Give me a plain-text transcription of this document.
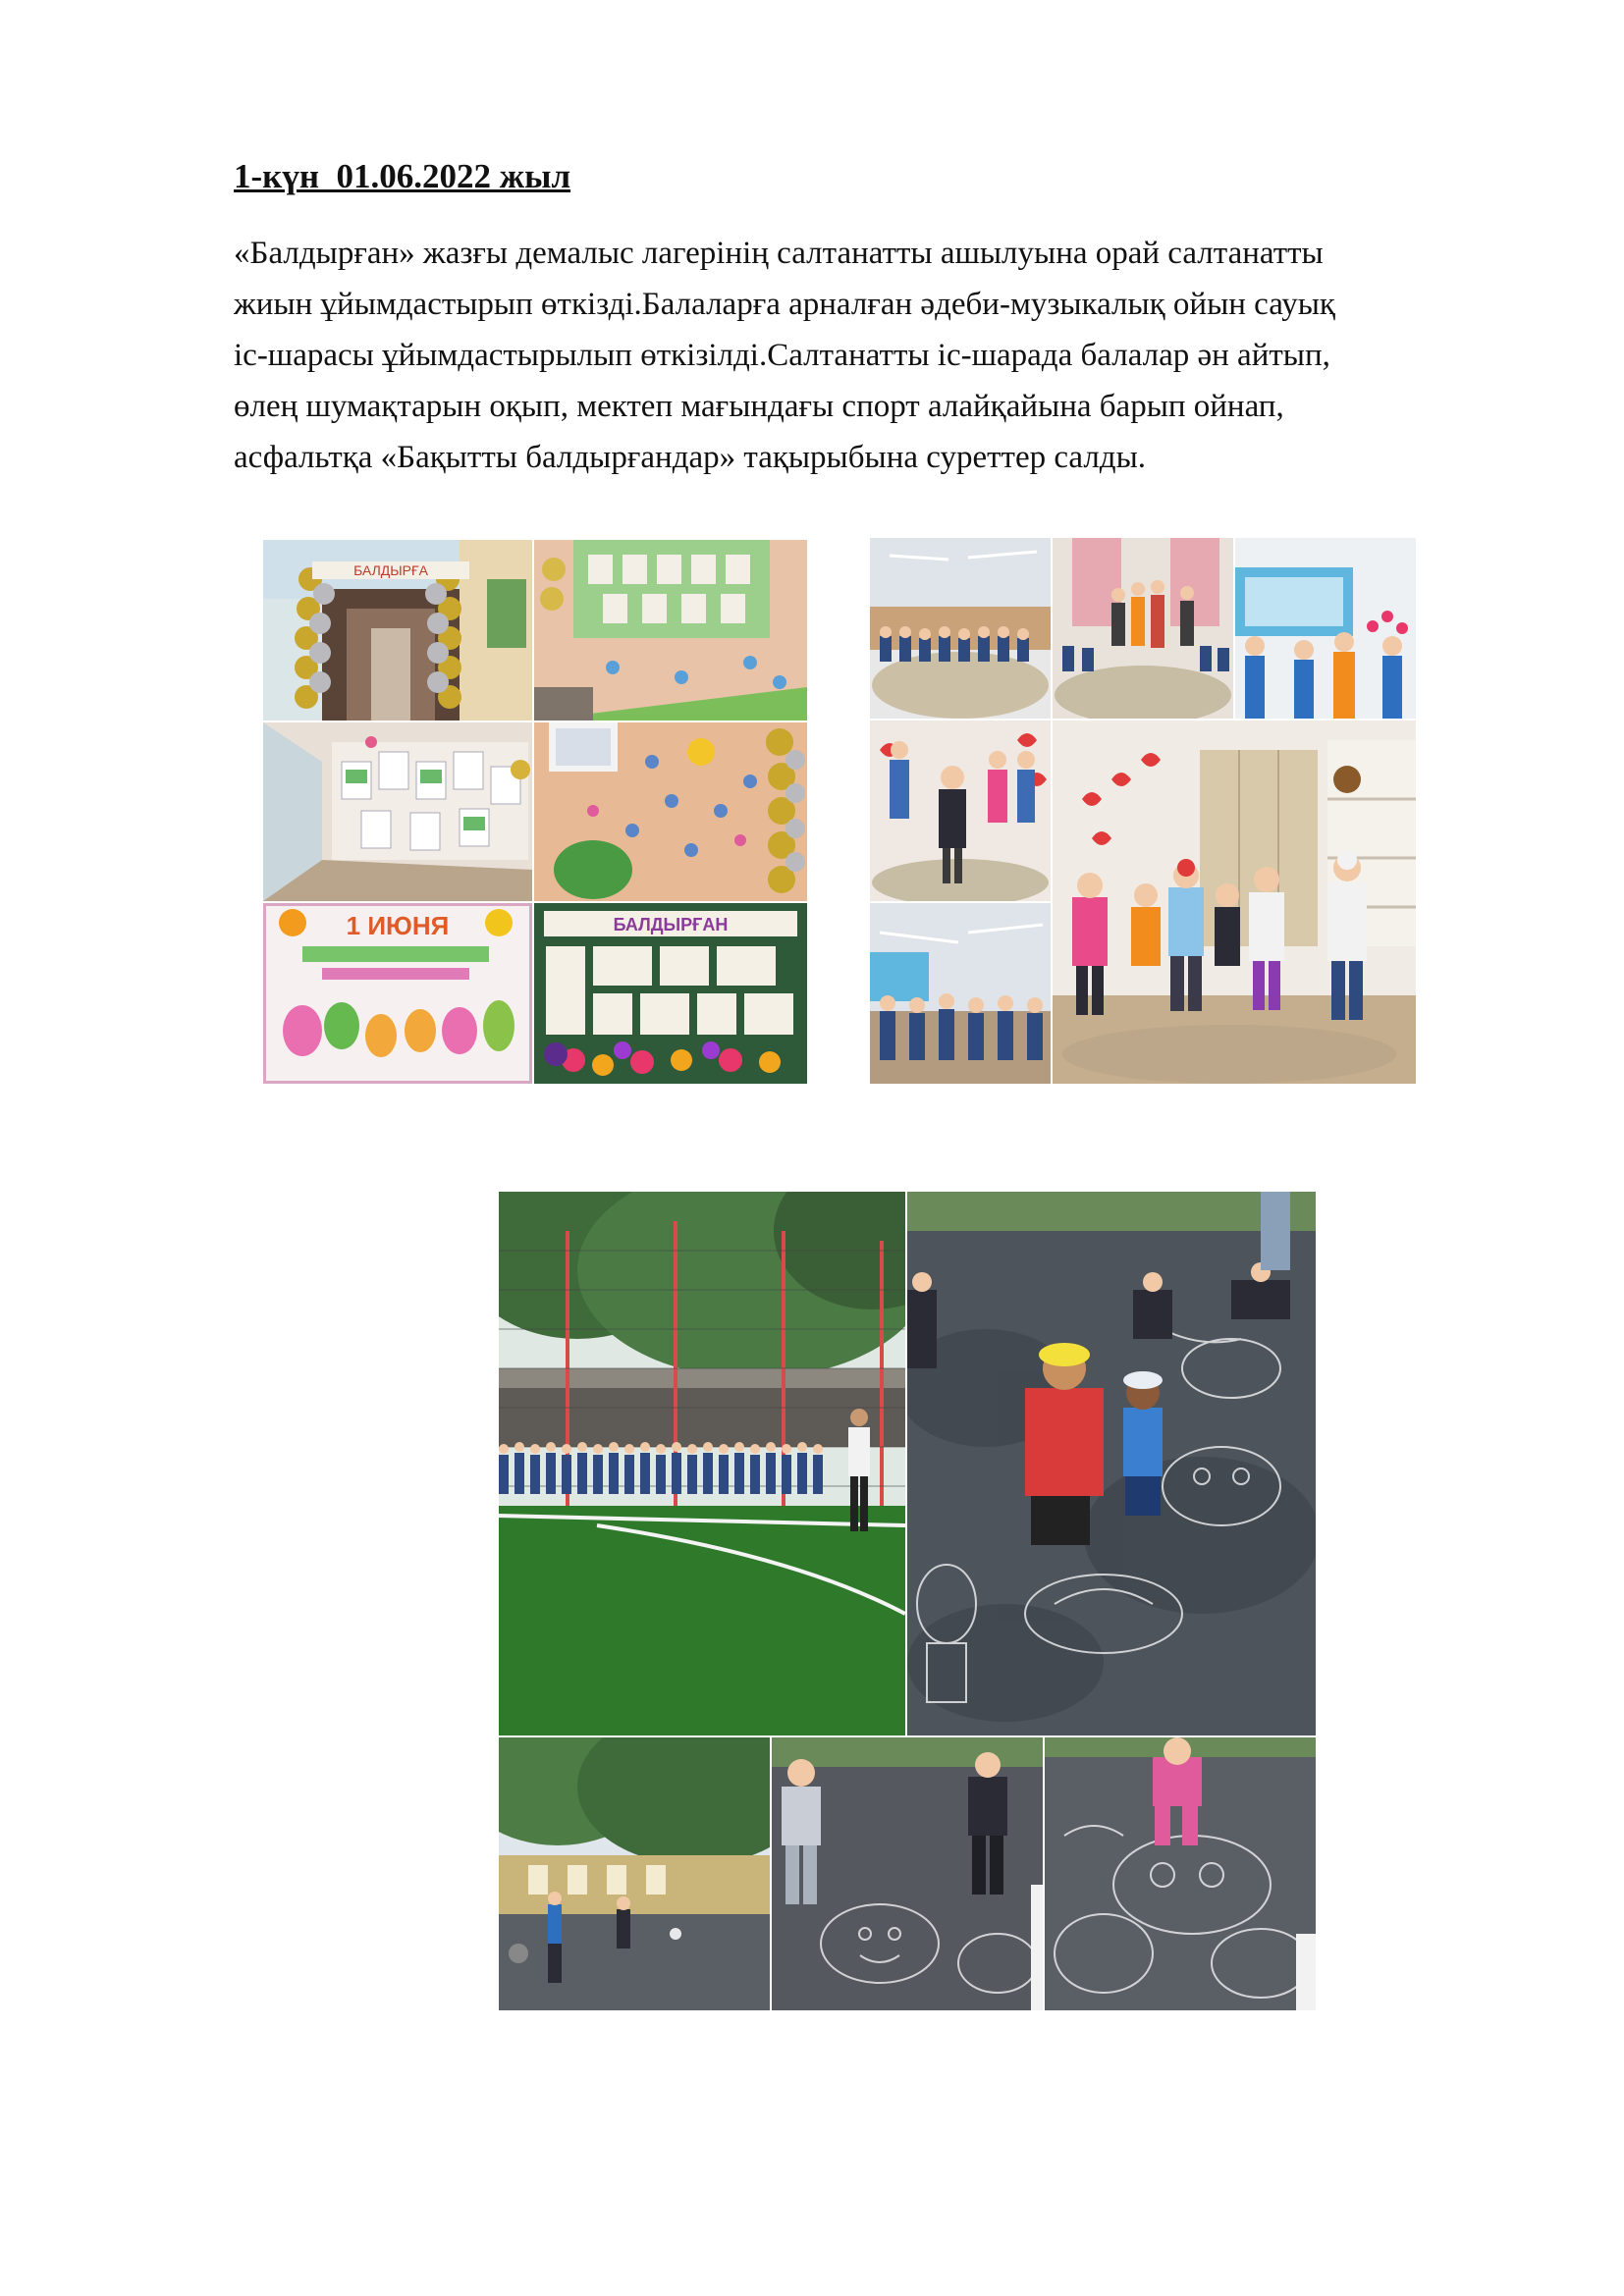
1-күн  01.06.2022 жыл
«Балдырған» жазғы демалыс лагерінің салтанатты ашылуына орай салтанатты
жиын ұйымдастырып өткізді.Балаларға арналған әдеби-музыкалық ойын сауық
іс-шарасы ұйымдастырылып өткізілді.Салтанатты іс-шарада балалар ән айтып,
өлең шумақтарын оқып, мектеп мағындағы спорт алайқайына барып ойнап,
асфальтқа «Бақытты балдырғандар» тақырыбына суреттер салды.
БАЛДЫРҒА
1 ИЮНЯ	БАЛДЫРҒАН
